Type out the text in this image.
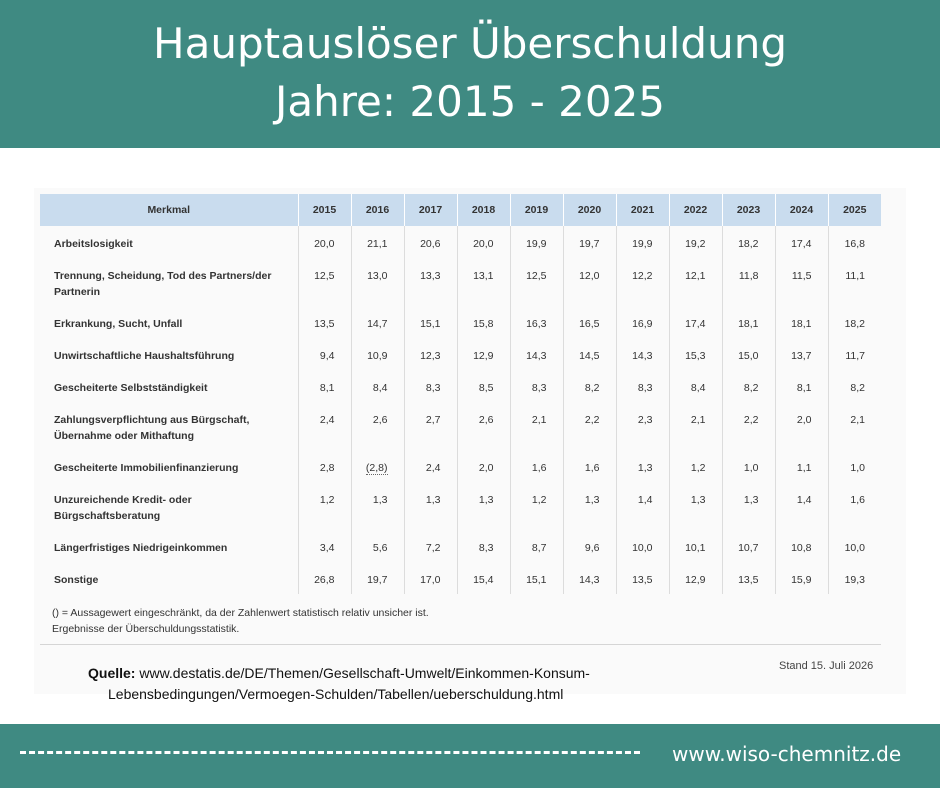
Hauptauslöser Überschuldung
Jahre: 2015 - 2025
Merkmal	2015	2016	2017	2018	2019	2020	2021	2022	2023	2024	2025

Arbeitslosigkeit	20,0	21,1	20,6	20,0	19,9	19,7	19,9	19,2	18,2	17,4	16,8

Trennung, Scheidung, Tod des Partners/der
Partnerin	12,5	13,0	13,3	13,1	12,5	12,0	12,2	12,1	11,8	11,5	11,1

Erkrankung, Sucht, Unfall	13,5	14,7	15,1	15,8	16,3	16,5	16,9	17,4	18,1	18,1	18,2

Unwirtschaftliche Haushaltsführung	9,4	10,9	12,3	12,9	14,3	14,5	14,3	15,3	15,0	13,7	11,7

Gescheiterte Selbstständigkeit	8,1	8,4	8,3	8,5	8,3	8,2	8,3	8,4	8,2	8,1	8,2

Zahlungsverpflichtung aus Bürgschaft,
Übernahme oder Mithaftung	2,4	2,6	2,7	2,6	2,1	2,2	2,3	2,1	2,2	2,0	2,1

Gescheiterte Immobilienfinanzierung	2,8	(2,8)	2,4	2,0	1,6	1,6	1,3	1,2	1,0	1,1	1,0

Unzureichende Kredit- oder
Bürgschaftsberatung	1,2	1,3	1,3	1,3	1,2	1,3	1,4	1,3	1,3	1,4	1,6

Längerfristiges Niedrigeinkommen	3,4	5,6	7,2	8,3	8,7	9,6	10,0	10,1	10,7	10,8	10,0

Sonstige	26,8	19,7	17,0	15,4	15,1	14,3	13,5	12,9	13,5	15,9	19,3
() = Aussagewert eingeschränkt, da der Zahlenwert statistisch relativ unsicher ist.
Ergebnisse der Überschuldungsstatistik.
Stand 15. Juli 2026
Quelle: www.destatis.de/DE/Themen/Gesellschaft-Umwelt/Einkommen-Konsum-
Lebensbedingungen/Vermoegen-Schulden/Tabellen/ueberschuldung.html
www.wiso-chemnitz.de
